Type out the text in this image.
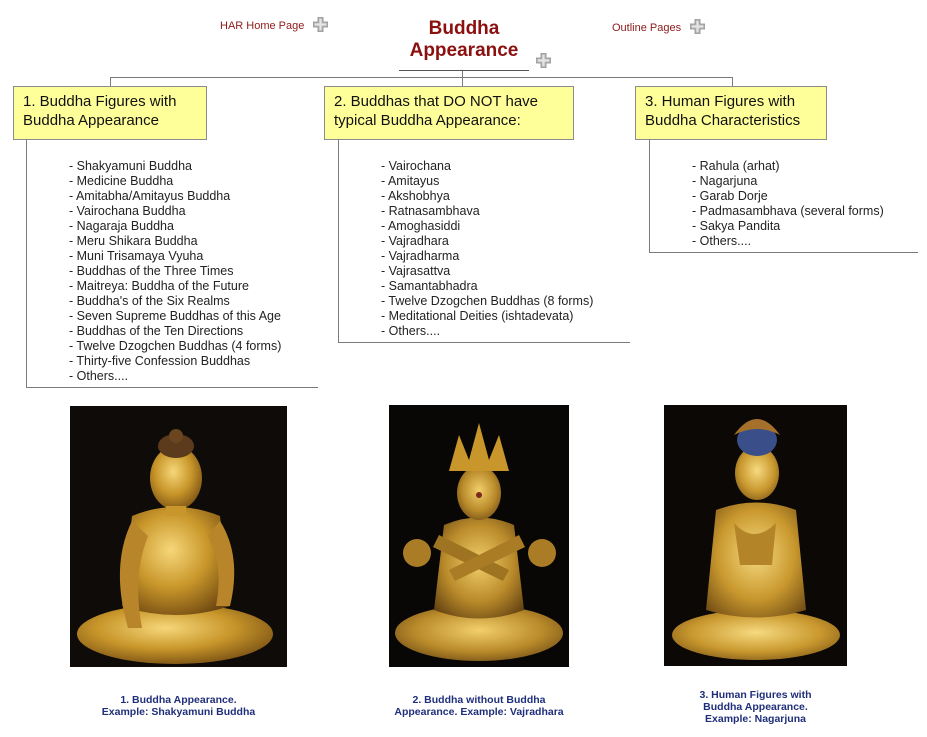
HAR Home Page	Outline Pages
Buddha
Appearance
1. Buddha Figures with
Buddha Appearance
- Shakyamuni Buddha
- Medicine Buddha
- Amitabha/Amitayus Buddha
- Vairochana Buddha
- Nagaraja Buddha
- Meru Shikara Buddha
- Muni Trisamaya Vyuha
- Buddhas of the Three Times
- Maitreya: Buddha of the Future
- Buddha's of the Six Realms
- Seven Supreme Buddhas of this Age
- Buddhas of the Ten Directions
- Twelve Dzogchen Buddhas (4 forms)
- Thirty-five Confession Buddhas
- Others....
2. Buddhas that DO NOT have
typical Buddha Appearance:
- Vairochana
- Amitayus
- Akshobhya
- Ratnasambhava
- Amoghasiddi
- Vajradhara
- Vajradharma
- Vajrasattva
- Samantabhadra
- Twelve Dzogchen Buddhas (8 forms)
- Meditational Deities (ishtadevata)
- Others....
3. Human Figures with
Buddha Characteristics
- Rahula (arhat)
- Nagarjuna
- Garab Dorje
- Padmasambhava (several forms)
- Sakya Pandita
- Others....
1. Buddha Appearance.
Example: Shakyamuni Buddha
2. Buddha without Buddha
Appearance. Example: Vajradhara
3. Human Figures with
Buddha Appearance.
Example: Nagarjuna
